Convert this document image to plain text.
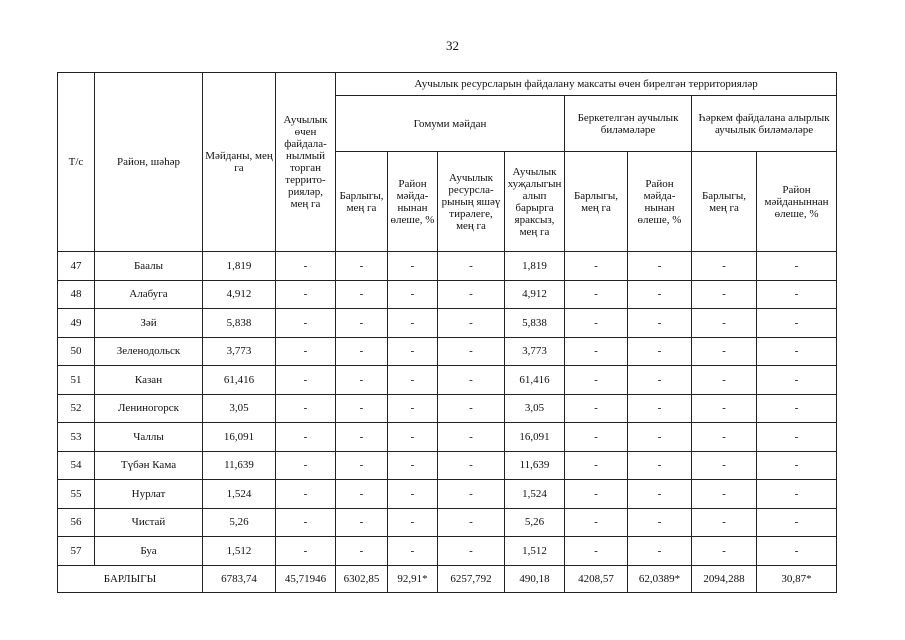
32
Т/с	Район, шәһәр	Мәйданы, мең га	Аучылык өчен файдала-нылмый торган террито-рияләр, мең га	Аучылык ресурсларын файдалану максаты өчен бирелгән территорияләр							
				Гомуми мәйдан				Беркетелгән аучылык биләмәләре		Һәркем файдалана алырлык аучылык биләмәләре	
				Барлыгы, мең га	Район мәйда-нынан өлеше, %	Аучылык ресурсла-рының яшәү тирәлеге, мең га	Аучылык хуҗалыгын алып барырга яраксыз, мең га	Барлыгы, мең га	Район мәйда-нынан өлеше, %	Барлыгы, мең га	Район мәйданыннан өлеше, %
47	Баалы	1,819	-	-	-	-	1,819	-	-	-	-
48	Алабуга	4,912	-	-	-	-	4,912	-	-	-	-
49	Зәй	5,838	-	-	-	-	5,838	-	-	-	-
50	Зеленодольск	3,773	-	-	-	-	3,773	-	-	-	-
51	Казан	61,416	-	-	-	-	61,416	-	-	-	-
52	Лениногорск	3,05	-	-	-	-	3,05	-	-	-	-
53	Чаллы	16,091	-	-	-	-	16,091	-	-	-	-
54	Түбән Кама	11,639	-	-	-	-	11,639	-	-	-	-
55	Нурлат	1,524	-	-	-	-	1,524	-	-	-	-
56	Чистай	5,26	-	-	-	-	5,26	-	-	-	-
57	Буа	1,512	-	-	-	-	1,512	-	-	-	-
БАРЛЫГЫ		6783,74	45,71946	6302,85	92,91*	6257,792	490,18	4208,57	62,0389*	2094,288	30,87*
